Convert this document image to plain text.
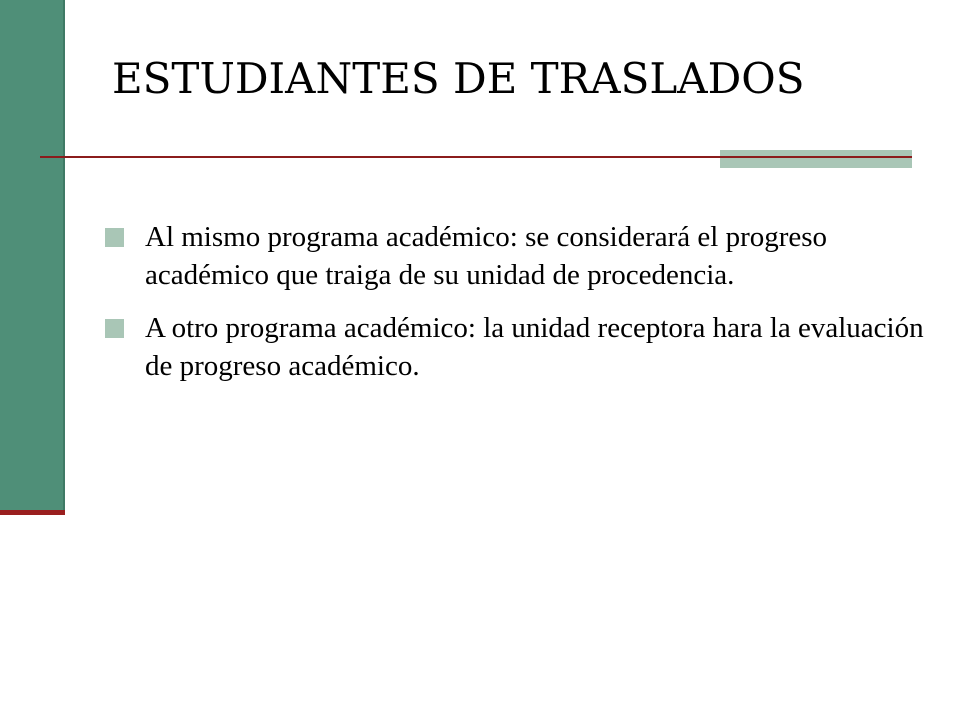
ESTUDIANTES DE TRASLADOS
Al mismo programa académico: se considerará el progreso académico que traiga de su unidad de procedencia.
A otro programa académico: la unidad receptora hara la evaluación de progreso académico.
